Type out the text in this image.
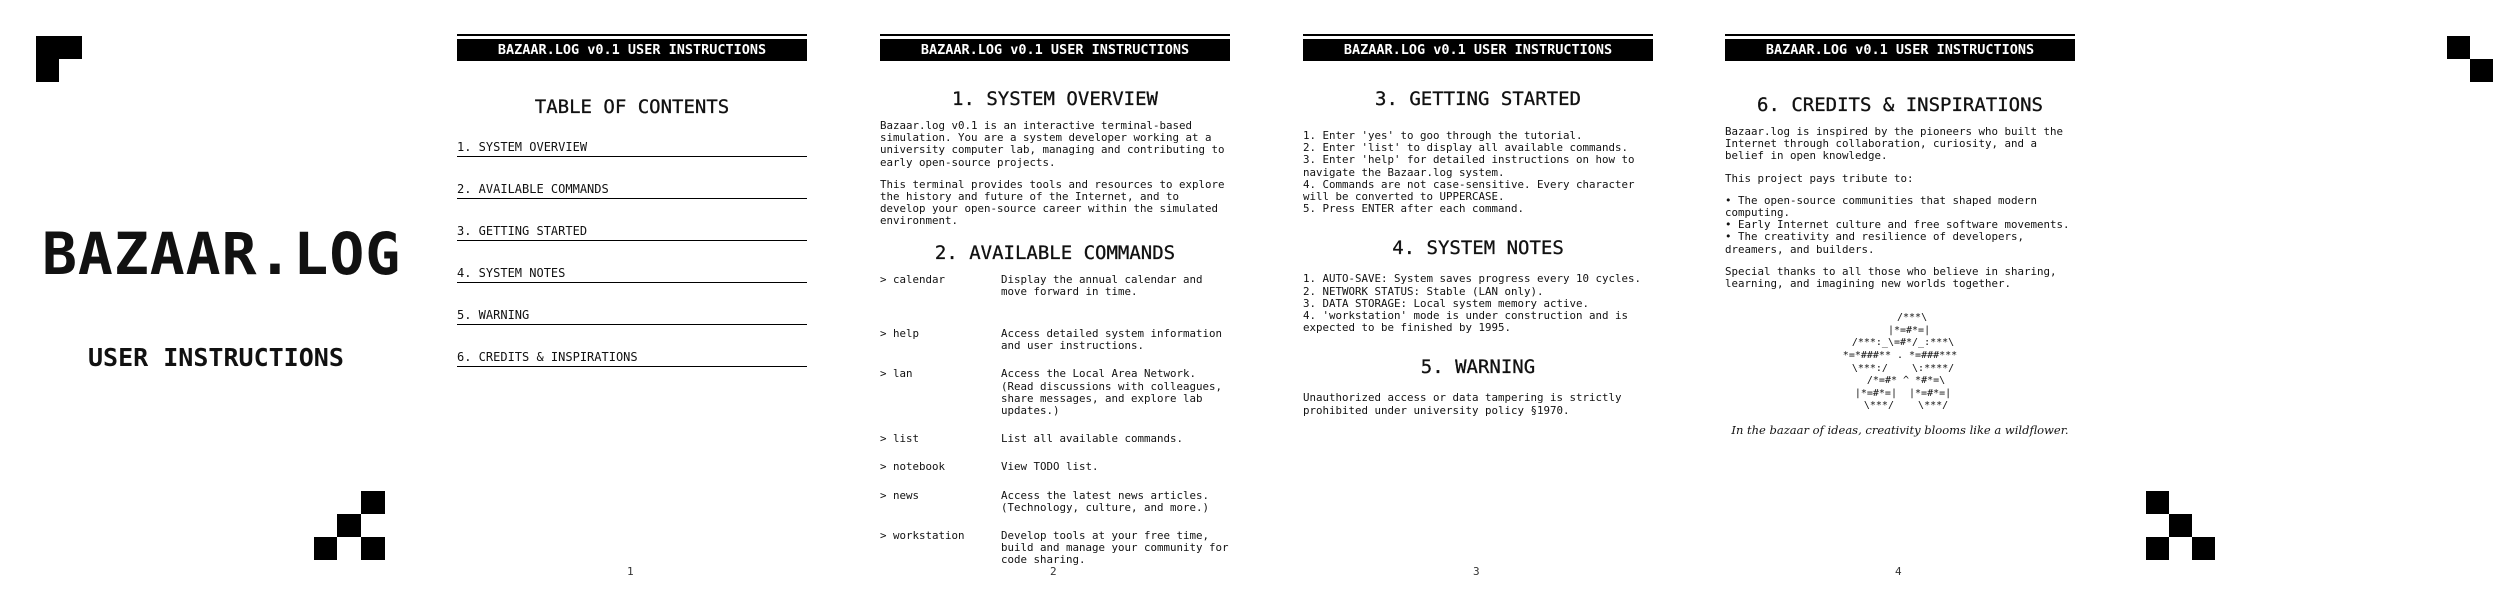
BAZAAR.LOG
USER INSTRUCTIONS
BAZAAR.LOG v0.1 USER INSTRUCTIONS
TABLE OF CONTENTS
1. SYSTEM OVERVIEW
2. AVAILABLE COMMANDS
3. GETTING STARTED
4. SYSTEM NOTES
5. WARNING
6. CREDITS & INSPIRATIONS
1
BAZAAR.LOG v0.1 USER INSTRUCTIONS
1. SYSTEM OVERVIEW

Bazaar.log v0.1 is an interactive terminal-based simulation. You are a system developer working at a university computer lab, managing and contributing to early open-source projects.

This terminal provides tools and resources to explore the history and future of the Internet, and to develop your open-source career within the simulated environment.

2. AVAILABLE COMMANDS
> calendar	Display the annual calendar and move forward in time.
> help	Access detailed system information and user instructions.
> lan	Access the Local Area Network. (Read discussions with colleagues, share messages, and explore lab updates.)
> list	List all available commands.
> notebook	View TODO list.
> news	Access the latest news articles. (Technology, culture, and more.)
> workstation	Develop tools at your free time, build and manage your community for code sharing.
2
BAZAAR.LOG v0.1 USER INSTRUCTIONS
3. GETTING STARTED
1. Enter 'yes' to goo through the tutorial.
2. Enter 'list' to display all available commands.
3. Enter 'help' for detailed instructions on how to navigate the Bazaar.log system.
4. Commands are not case-sensitive. Every character will be converted to UPPERCASE.
5. Press ENTER after each command.
4. SYSTEM NOTES
1. AUTO-SAVE: System saves progress every 10 cycles.
2. NETWORK STATUS: Stable (LAN only).
3. DATA STORAGE: Local system memory active.
4. 'workstation' mode is under construction and is expected to be finished by 1995.
5. WARNING

Unauthorized access or data tampering is strictly prohibited under university policy §1970.

3
BAZAAR.LOG v0.1 USER INSTRUCTIONS
6. CREDITS & INSPIRATIONS

Bazaar.log is inspired by the pioneers who built the Internet through collaboration, curiosity, and a belief in open knowledge.

This project pays tribute to:

• The open-source communities that shaped modern computing.
• Early Internet culture and free software movements.
• The creativity and resilience of developers, dreamers, and builders.

Special thanks to all those who believe in sharing, learning, and imagining new worlds together.

/***\
|*=#*=|
/***:_\=#*/_:***\
*=*###** . *=###***
\***:/    \:****/
/*=#* ^ *#*=\
|*=#*=|  |*=#*=|
\***/    \***/
In the bazaar of ideas, creativity blooms like a wildflower.
4
